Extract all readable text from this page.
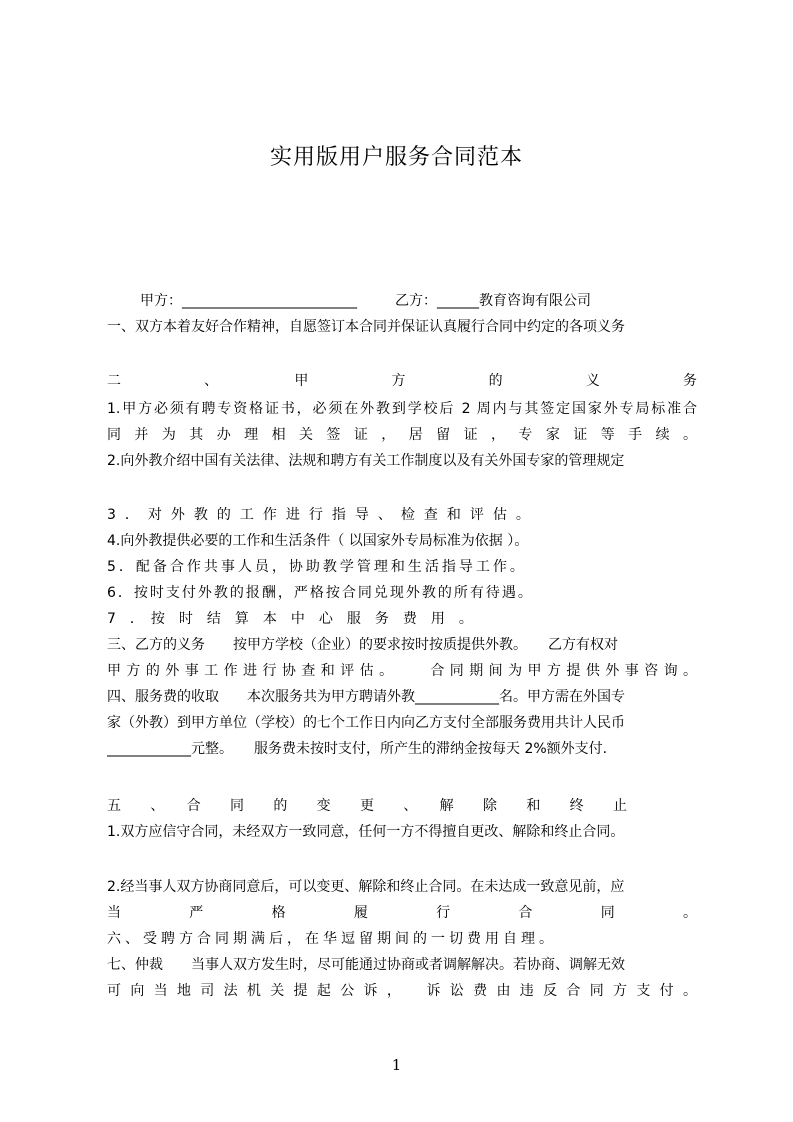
实用版用户服务合同范本
甲方：_________________________	乙方：______教育咨询有限公司
一、双方本着友好合作精神，自愿签订本合同并保证认真履行合同中约定的各项义务
二　　、　　甲　　方　　的　　义　　务
1.甲方必须有聘专资格证书，必须在外教到学校后 2 周内与其签定国家外专局标准合
同并为其办理相关签证，居留证，专家证等手续。
2.向外教介绍中国有关法律、法规和聘方有关工作制度以及有关外国专家的管理规定
3．对外教的工作进行指导、检查和评估。
4.向外教提供必要的工作和生活条件（ 以国家外专局标准为依据 ）。
5．配备合作共事人员，协助教学管理和生活指导工作。
6．按时支付外教的报酬，严格按合同兑现外教的所有待遇。
7　．　按　时　结　算　本　中　心　服　务　费　用　。
三、乙方的义务　　按甲方学校（企业）的要求按时按质提供外教。　　乙方有权对
甲方的外事工作进行协查和评估。　　合同期间为甲方提供外事咨询。
四、服务费的收取　　本次服务共为甲方聘请外教____________名。甲方需在外国专
家（外教）到甲方单位（学校）的七个工作日内向乙方支付全部服务费用共计人民币
____________元整。　　服务费未按时支付，所产生的滞纳金按每天 2%额外支付.
五　、　合　同　的　变　更　、　解　除　和　终　止
1.双方应信守合同，未经双方一致同意，任何一方不得擅自更改、解除和终止合同。
2.经当事人双方协商同意后，可以变更、解除和终止合同。在未达成一致意见前，应
当　严　格　履　行　合　同　。
六、受聘方合同期满后，在华逗留期间的一切费用自理。
七、仲裁　　当事人双方发生时，尽可能通过协商或者调解解决。若协商、调解无效
可向当地司法机关提起公诉，　诉讼费由违反合同方支付。
1
